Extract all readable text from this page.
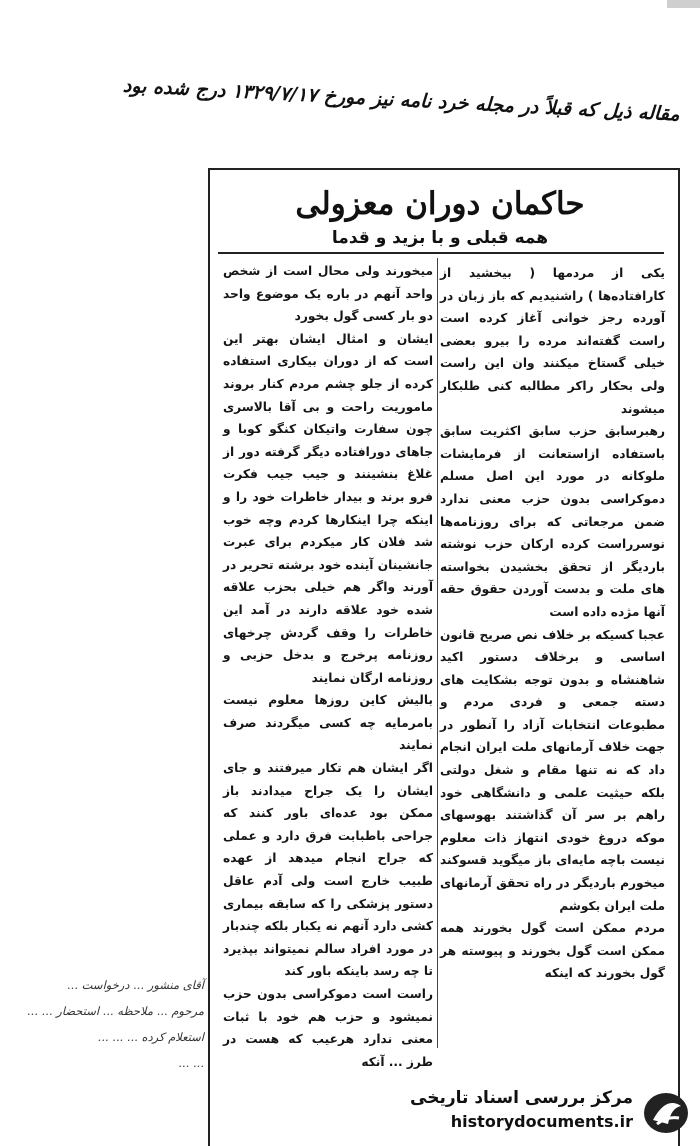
مقاله ذیل که قبلاً در مجله خرد نامه نیز مورخ ۱۳۲۹/۷/۱۷ درج شده بود
حاکمان دوران معزولی
همه قبلی و با بزید و قدما

یکی از مردمها ( بیخشید از کارافتاده‌ها ) راشنیدیم که باز زبان در آورده رجز خوانی آغاز کرده است راست گفته‌اند مرده را بیرو بعضی خیلی گستاخ میکنند وان این راست ولی بحکار راکر مطالبه کنی طلبکار میشوند

رهبرسابق حزب سابق اکثریت سابق باستفاده ازاستعانت از فرمایشات ملوکانه در مورد این اصل مسلم دموکراسی بدون حزب معنی ندارد ضمن مرجعاتی که برای روزنامه‌ها نوسرراست کرده ارکان حزب نوشته باردیگر از تحقق بخشیدن بخواسته های ملت و بدست آوردن حقوق حقه آنها مژده داده است

عجبا کسیکه بر خلاف نص صریح قانون اساسی و برخلاف دستور اکید شاهنشاه و بدون توجه بشکایت های دسته جمعی و فردی مردم و مطبوعات انتخابات آزاد را آنطور در جهت خلاف آرمانهای ملت ایران انجام داد که نه تنها مقام و شغل دولتی بلکه حیثیت علمی و دانشگاهی خود راهم بر سر آن گذاشتند بهوسهای موکه دروغ خودی انتهاز ذات معلوم نیست باچه مایه‌ای باز میگوید قسوکند میخورم باردیگر در راه تحقق آرمانهای ملت ایران بکوشم

مردم ممکن است گول بخورند همه ممکن است گول بخورند و پیوسته هر گول بخورند که اینکه

میخورند ولی محال است از شخص واحد آنهم در باره یک موضوع واحد دو بار کسی گول بخورد

ایشان و امثال ایشان بهتر این است که از دوران بیکاری استفاده کرده از جلو چشم مردم کنار بروند ماموریت راحت و بی آقا بالاسری چون سفارت واتیکان کنگو کوبا و جاهای دورافتاده دیگر گرفته دور از غلاغ بنشینند و جیب جیب فکرت فرو برند و بیدار خاطرات خود را و اینکه چرا اینکارها کردم وچه خوب شد فلان کار میکردم برای عبرت جانشینان آینده خود برشته تحریر در آورند واگر هم خیلی بحزب علاقه شده خود علاقه دارند در آمد این خاطرات را وقف گردش چرخهای روزنامه پرخرج و بدخل حزبی و روزنامه ارگان نمایند

بالیش کاین روزها معلوم نیست بامرمایه چه کسی میگردند صرف نمایند

اگر ایشان هم تکار میرفتند و جای ایشان را یک جراح میدادند باز ممکن بود عده‌ای باور کنند که جراحی باطبابت فرق دارد و عملی که جراح انجام میدهد از عهده طبیب خارج است ولی آدم عاقل دستور پزشکی را که سابقه بیماری کشی دارد آنهم نه یکبار بلکه چندبار در مورد افراد سالم نمیتواند بپذیرد تا چه رسد باینکه باور کند

راست است دموکراسی بدون حزب نمیشود و حزب هم خود با ثبات معنی ندارد هرعیب که هست در طرز ... آنکه

آقای منشور ... درخواست ...

مرحوم ... ملاحظه ... استحضار ... ...

استعلام کرده ... ... ...

... ...

مرکز بررسی اسناد تاریخی
historydocuments.ir
